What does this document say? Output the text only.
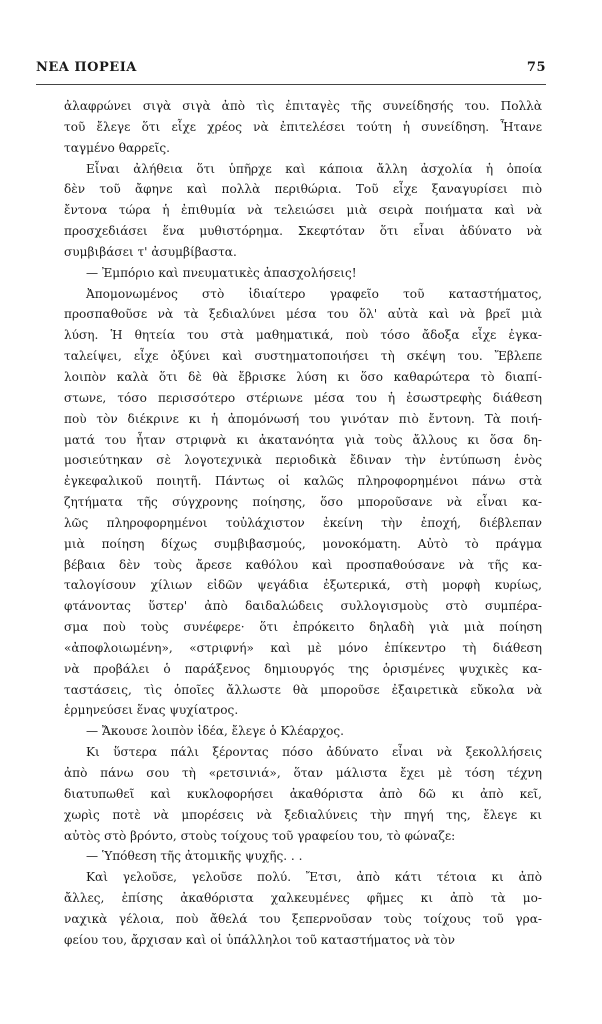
ΝΕΑ ΠΟΡΕΙΑ	75

ἀλαφρώνει σιγὰ σιγὰ ἀπὸ τὶς ἐπιταγὲς τῆς συνείδησής του. Πολλὰ
τοῦ ἔλεγε ὅτι εἶχε χρέος νὰ ἐπιτελέσει τούτη ἡ συνείδηση. Ἦτανε
ταγμένο θαρρεῖς.

Εἶναι ἀλήθεια ὅτι ὑπῆρχε καὶ κάποια ἄλλη ἀσχολία ἡ ὁποία
δὲν τοῦ ἄφηνε καὶ πολλὰ περιθώρια. Τοῦ εἶχε ξαναγυρίσει πιὸ
ἔντονα τώρα ἡ ἐπιθυμία νὰ τελειώσει μιὰ σειρὰ ποιήματα καὶ νὰ
προσχεδιάσει ἕνα μυθιστόρημα. Σκεφτόταν ὅτι εἶναι ἀδύνατο νὰ
συμβιβάσει τ' ἀσυμβίβαστα.

— Ἐμπόριο καὶ πνευματικὲς ἀπασχολήσεις!

Ἀπομονωμένος στὸ ἰδιαίτερο γραφεῖο τοῦ καταστήματος,
προσπαθοῦσε νὰ τὰ ξεδιαλύνει μέσα του ὅλ' αὐτὰ καὶ νὰ βρεῖ μιὰ
λύση. Ἡ θητεία του στὰ μαθηματικά, ποὺ τόσο ἄδοξα εἶχε ἐγκα-
ταλείψει, εἶχε ὀξύνει καὶ συστηματοποιήσει τὴ σκέψη του. Ἔβλεπε
λοιπὸν καλὰ ὅτι δὲ θὰ ἔβρισκε λύση κι ὅσο καθαρώτερα τὸ διαπί-
στωνε, τόσο περισσότερο στέριωνε μέσα του ἡ ἐσωστρεφὴς διάθεση
ποὺ τὸν διέκρινε κι ἡ ἀπομόνωσή του γινόταν πιὸ ἔντονη. Τὰ ποιή-
ματά του ἦταν στριφνὰ κι ἀκατανόητα γιὰ τοὺς ἄλλους κι ὅσα δη-
μοσιεύτηκαν σὲ λογοτεχνικὰ περιοδικὰ ἔδιναν τὴν ἐντύπωση ἑνὸς
ἐγκεφαλικοῦ ποιητῆ. Πάντως οἱ καλῶς πληροφορημένοι πάνω στὰ
ζητήματα τῆς σύγχρονης ποίησης, ὅσο μποροῦσανε νὰ εἶναι κα-
λῶς πληροφορημένοι τοὐλάχιστον ἐκείνη τὴν ἐποχή, διέβλεπαν
μιὰ ποίηση δίχως συμβιβασμούς, μονοκόματη. Αὐτὸ τὸ πράγμα
βέβαια δὲν τοὺς ἄρεσε καθόλου καὶ προσπαθούσανε νὰ τῆς κα-
ταλογίσουν χίλιων εἰδῶν ψεγάδια ἐξωτερικά, στὴ μορφὴ κυρίως,
φτάνοντας ὕστερ' ἀπὸ δαιδαλώδεις συλλογισμοὺς στὸ συμπέρα-
σμα ποὺ τοὺς συνέφερε· ὅτι ἐπρόκειτο δηλαδὴ γιὰ μιὰ ποίηση
«ἀποφλοιωμένη», «στριφνή» καὶ μὲ μόνο ἐπίκεντρο τὴ διάθεση
νὰ προβάλει ὁ παράξενος δημιουργός της ὁρισμένες ψυχικὲς κα-
ταστάσεις, τὶς ὁποῖες ἄλλωστε θὰ μποροῦσε ἐξαιρετικὰ εὔκολα νὰ
ἑρμηνεύσει ἕνας ψυχίατρος.

— Ἄκουσε λοιπὸν ἰδέα, ἔλεγε ὁ Κλέαρχος.

Κι ὕστερα πάλι ξέροντας πόσο ἀδύνατο εἶναι νὰ ξεκολλήσεις
ἀπὸ πάνω σου τὴ «ρετσινιά», ὅταν μάλιστα ἔχει μὲ τόση τέχνη
διατυπωθεῖ καὶ κυκλοφορήσει ἀκαθόριστα ἀπὸ δῶ κι ἀπὸ κεῖ,
χωρὶς ποτὲ νὰ μπορέσεις νὰ ξεδιαλύνεις τὴν πηγή της, ἔλεγε κι
αὐτὸς στὸ βρόντο, στοὺς τοίχους τοῦ γραφείου του, τὸ φώναζε:

— Ὑπόθεση τῆς ἀτομικῆς ψυχῆς. . .

Καὶ γελοῦσε, γελοῦσε πολύ. Ἔτσι, ἀπὸ κάτι τέτοια κι ἀπὸ
ἄλλες, ἐπίσης ἀκαθόριστα χαλκευμένες φῆμες κι ἀπὸ τὰ μο-
ναχικὰ γέλοια, ποὺ ἄθελά του ξεπερνοῦσαν τοὺς τοίχους τοῦ γρα-
φείου του, ἄρχισαν καὶ οἱ ὑπάλληλοι τοῦ καταστήματος νὰ τὸν
